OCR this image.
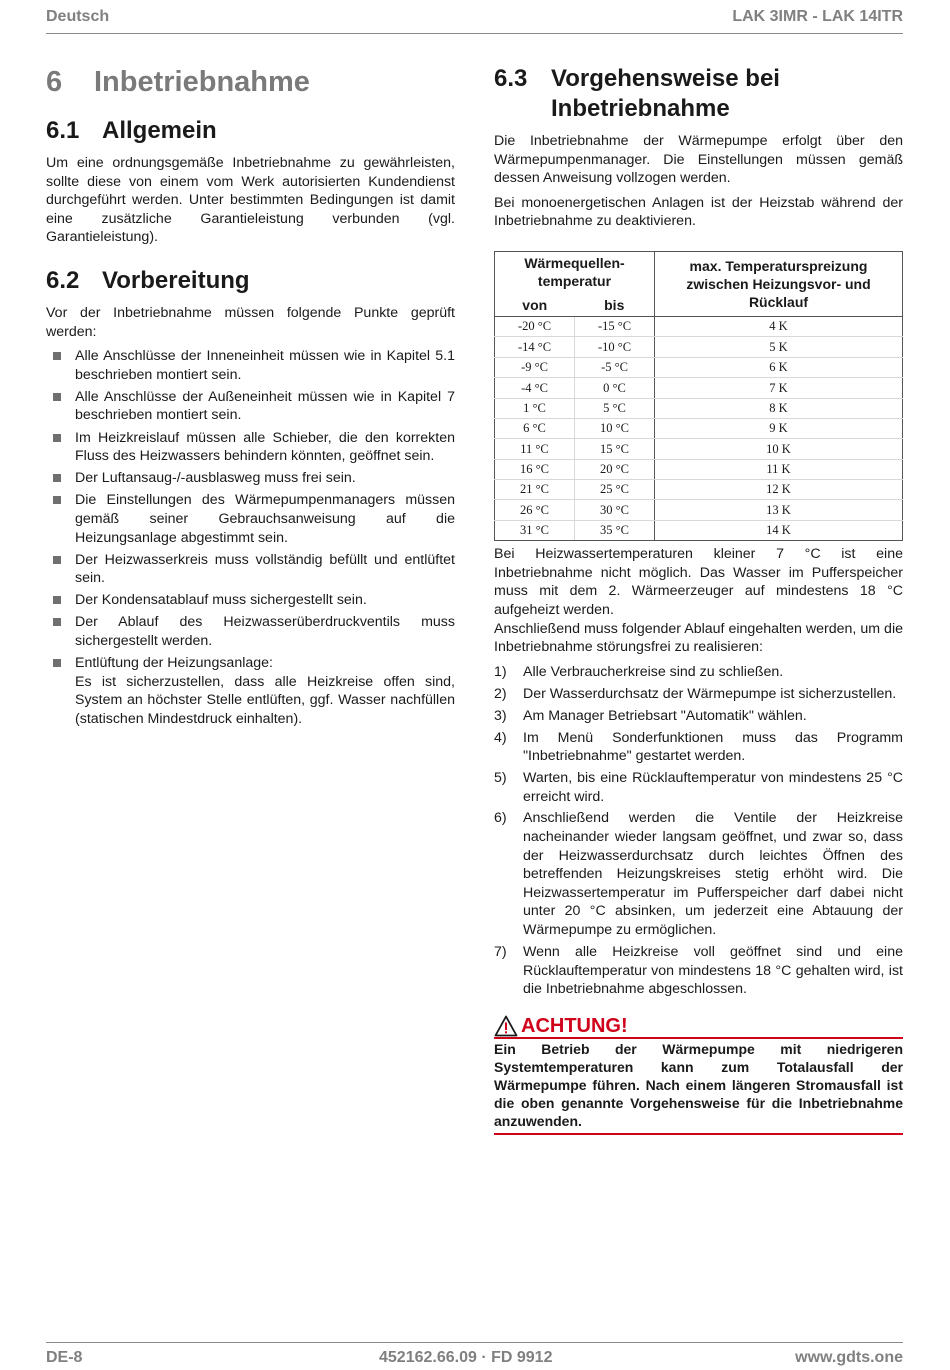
Deutsch	LAK 3IMR - LAK 14ITR
6 Inbetriebnahme
6.1 Allgemein

Um eine ordnungsgemäße Inbetriebnahme zu gewährleisten, sollte diese von einem vom Werk autorisierten Kundendienst durchgeführt werden. Unter bestimmten Bedingungen ist damit eine zusätzliche Garantieleistung verbunden (vgl. Garantieleistung).

6.2 Vorbereitung

Vor der Inbetriebnahme müssen folgende Punkte geprüft werden:

Alle Anschlüsse der Inneneinheit müssen wie in Kapitel 5.1 beschrieben montiert sein.
Alle Anschlüsse der Außeneinheit müssen wie in Kapitel 7 beschrieben montiert sein.
Im Heizkreislauf müssen alle Schieber, die den korrekten Fluss des Heizwassers behindern könnten, geöffnet sein.
Der Luftansaug-/-ausblasweg muss frei sein.
Die Einstellungen des Wärmepumpenmanagers müssen gemäß seiner Gebrauchsanweisung auf die Heizungsanlage abgestimmt sein.
Der Heizwasserkreis muss vollständig befüllt und entlüftet sein.
Der Kondensatablauf muss sichergestellt sein.
Der Ablauf des Heizwasserüberdruckventils muss sichergestellt werden.
Entlüftung der Heizungsanlage:
Es ist sicherzustellen, dass alle Heizkreise offen sind, System an höchster Stelle entlüften, ggf. Wasser nachfüllen (statischen Mindestdruck einhalten).
6.3 Vorgehensweise bei Inbetriebnahme

Die Inbetriebnahme der Wärmepumpe erfolgt über den Wärmepumpenmanager. Die Einstellungen müssen gemäß dessen Anweisung vollzogen werden.

Bei monoenergetischen Anlagen ist der Heizstab während der Inbetriebnahme zu deaktivieren.

Wärmequellen-temperatur		max. Temperaturspreizung zwischen Heizungsvor- und Rücklauf
von	bis	
-20 °C	-15 °C	4 K
-14 °C	-10 °C	5 K
-9 °C	-5 °C	6 K
-4 °C	0 °C	7 K
1 °C	5 °C	8 K
6 °C	10 °C	9 K
11 °C	15 °C	10 K
16 °C	20 °C	11 K
21 °C	25 °C	12 K
26 °C	30 °C	13 K
31 °C	35 °C	14 K

Bei Heizwassertemperaturen kleiner 7 °C ist eine Inbetriebnahme nicht möglich. Das Wasser im Pufferspeicher muss mit dem 2. Wärmeerzeuger auf mindestens 18 °C aufgeheizt werden.

Anschließend muss folgender Ablauf eingehalten werden, um die Inbetriebnahme störungsfrei zu realisieren:

1) Alle Verbraucherkreise sind zu schließen.
2) Der Wasserdurchsatz der Wärmepumpe ist sicherzustellen.
3) Am Manager Betriebsart "Automatik" wählen.
4) Im Menü Sonderfunktionen muss das Programm "Inbetriebnahme" gestartet werden.
5) Warten, bis eine Rücklauftemperatur von mindestens 25 °C erreicht wird.
6) Anschließend werden die Ventile der Heizkreise nacheinander wieder langsam geöffnet, und zwar so, dass der Heizwasserdurchsatz durch leichtes Öffnen des betreffenden Heizungskreises stetig erhöht wird. Die Heizwassertemperatur im Pufferspeicher darf dabei nicht unter 20 °C absinken, um jederzeit eine Abtauung der Wärmepumpe zu ermöglichen.
7) Wenn alle Heizkreise voll geöffnet sind und eine Rücklauftemperatur von mindestens 18 °C gehalten wird, ist die Inbetriebnahme abgeschlossen.
ACHTUNG!
Ein Betrieb der Wärmepumpe mit niedrigeren Systemtemperaturen kann zum Totalausfall der Wärmepumpe führen. Nach einem längeren Stromausfall ist die oben genannte Vorgehensweise für die Inbetriebnahme anzuwenden.
DE-8	452162.66.09 · FD 9912	www.gdts.one
